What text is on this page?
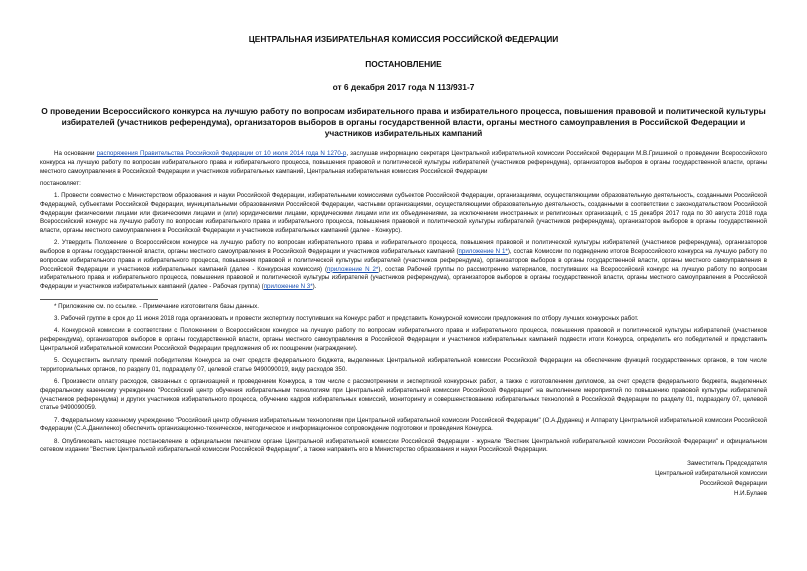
ЦЕНТРАЛЬНАЯ ИЗБИРАТЕЛЬНАЯ КОМИССИЯ РОССИЙСКОЙ ФЕДЕРАЦИИ
ПОСТАНОВЛЕНИЕ
от 6 декабря 2017 года N 113/931-7
О проведении Всероссийского конкурса на лучшую работу по вопросам избирательного права и избирательного процесса, повышения правовой и политической культуры избирателей (участников референдума), организаторов выборов в органы государственной власти, органы местного самоуправления в Российской Федерации и участников избирательных кампаний

На основании распоряжения Правительства Российской Федерации от 10 июля 2014 года N 1270-р, заслушав информацию секретаря Центральной избирательной комиссии Российской Федерации М.В.Гришиной о проведении Всероссийского конкурса на лучшую работу по вопросам избирательного права и избирательного процесса, повышения правовой и политической культуры избирателей (участников референдума), организаторов выборов в органы государственной власти, органы местного самоуправления в Российской Федерации и участников избирательных кампаний, Центральная избирательная комиссия Российской Федерации

постановляет:

1. Провести совместно с Министерством образования и науки Российской Федерации, избирательными комиссиями субъектов Российской Федерации, организациями, осуществляющими образовательную деятельность, созданными Российской Федерацией, субъектами Российской Федерации, муниципальными образованиями Российской Федерации, частными организациями, осуществляющими образовательную деятельность, созданными в соответствии с законодательством Российской Федерации физическими лицами или физическими лицами и (или) юридическими лицами, юридическими лицами или их объединениями, за исключением иностранных и религиозных организаций, с 15 декабря 2017 года по 30 августа 2018 года Всероссийский конкурс на лучшую работу по вопросам избирательного права и избирательного процесса, повышения правовой и политической культуры избирателей (участников референдума), организаторов выборов в органы государственной власти, органы местного самоуправления в Российской Федерации и участников избирательных кампаний (далее - Конкурс).

2. Утвердить Положение о Всероссийском конкурсе на лучшую работу по вопросам избирательного права и избирательного процесса, повышения правовой и политической культуры избирателей (участников референдума), организаторов выборов в органы государственной власти, органы местного самоуправления в Российской Федерации и участников избирательных кампаний (приложение N 1*), состав Комиссии по подведению итогов Всероссийского конкурса на лучшую работу по вопросам избирательного права и избирательного процесса, повышения правовой и политической культуры избирателей (участников референдума), организаторов выборов в органы государственной власти, органы местного самоуправления в Российской Федерации и участников избирательных кампаний (далее - Конкурсная комиссия) (приложение N 2*), состав Рабочей группы по рассмотрению материалов, поступивших на Всероссийский конкурс на лучшую работу по вопросам избирательного права и избирательного процесса, повышения правовой и политической культуры избирателей (участников референдума), организаторов выборов в органы государственной власти, органы местного самоуправления в Российской Федерации и участников избирательных кампаний (далее - Рабочая группа) (приложение N 3*).

* Приложение см. по ссылке. - Примечание изготовителя базы данных.

3. Рабочей группе в срок до 11 июня 2018 года организовать и провести экспертизу поступивших на Конкурс работ и представить Конкурсной комиссии предложения по отбору лучших конкурсных работ.

4. Конкурсной комиссии в соответствии с Положением о Всероссийском конкурсе на лучшую работу по вопросам избирательного права и избирательного процесса, повышения правовой и политической культуры избирателей (участников референдума), организаторов выборов в органы государственной власти, органы местного самоуправления в Российской Федерации и участников избирательных кампаний подвести итоги Конкурса, определить его победителей и представить Центральной избирательной комиссии Российской Федерации предложения об их поощрении (награждении).

5. Осуществить выплату премий победителям Конкурса за счет средств федерального бюджета, выделенных Центральной избирательной комиссии Российской Федерации на обеспечение функций государственных органов, в том числе территориальных органов, по разделу 01, подразделу 07, целевой статье 9490090019, виду расходов 350.

6. Произвести оплату расходов, связанных с организацией и проведением Конкурса, в том числе с рассмотрением и экспертизой конкурсных работ, а также с изготовлением дипломов, за счет средств федерального бюджета, выделенных федеральному казенному учреждению "Российский центр обучения избирательным технологиям при Центральной избирательной комиссии Российской Федерации" на выполнение мероприятий по повышению правовой культуры избирателей (участников референдума) и других участников избирательного процесса, обучению кадров избирательных комиссий, мониторингу и совершенствованию избирательных технологий в Российской Федерации по разделу 01, подразделу 07, целевой статье 9490090059.

7. Федеральному казенному учреждению "Российский центр обучения избирательным технологиям при Центральной избирательной комиссии Российской Федерации" (О.А.Дуданец) и Аппарату Центральной избирательной комиссии Российской Федерации (С.А.Даниленко) обеспечить организационно-техническое, методическое и информационное сопровождение подготовки и проведения Конкурса.

8. Опубликовать настоящее постановление в официальном печатном органе Центральной избирательной комиссии Российской Федерации - журнале "Вестник Центральной избирательной комиссии Российской Федерации" и официальном сетевом издании "Вестник Центральной избирательной комиссии Российской Федерации", а также направить его в Министерство образования и науки Российской Федерации.

Заместитель Председателя
Центральной избирательной комиссии
Российской Федерации
Н.И.Булаев
